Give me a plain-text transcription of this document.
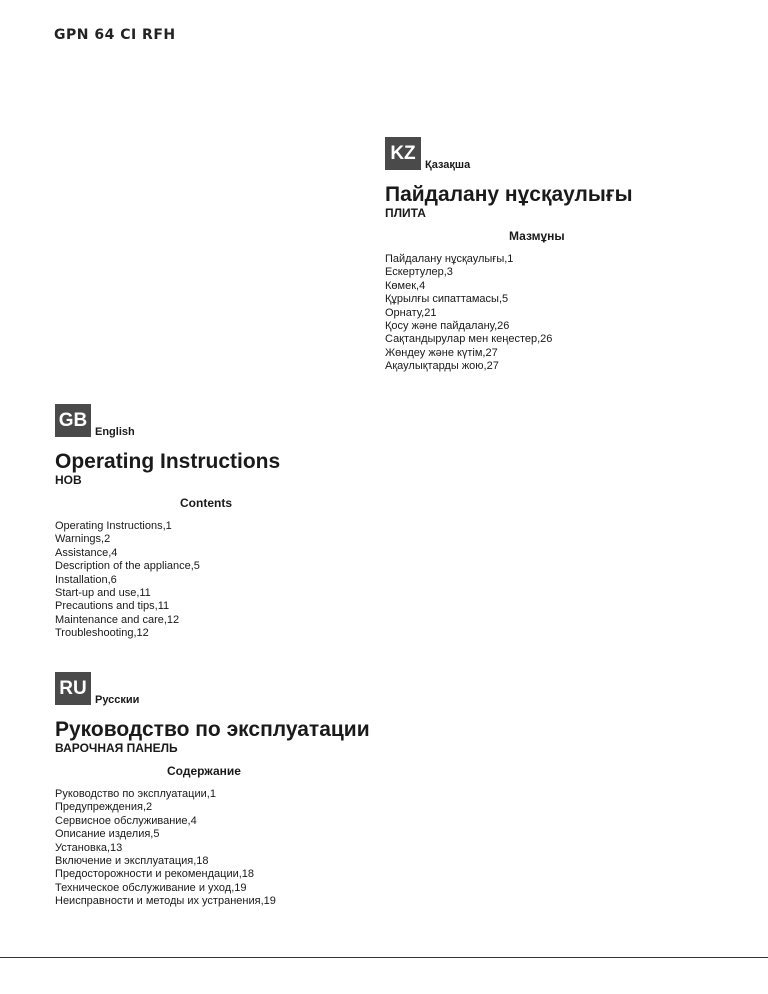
GPN 64 CI RFH
KZ
Қазақша
Пайдалану нұсқаулығы
ПЛИТА
Мазмұны
Пайдалану нұсқаулығы,1
Ескертулер,3
Көмек,4
Құрылғы сипаттамасы,5
Орнату,21
Қосу және пайдалану,26
Сақтандырулар мен кеңестер,26
Жөндеу және күтім,27
Ақаулықтарды жою,27
GB
English
Operating Instructions
HOB
Contents
Operating Instructions,1
Warnings,2
Assistance,4
Description of the appliance,5
Installation,6
Start-up and use,11
Precautions and tips,11
Maintenance and care,12
Troubleshooting,12
RU
Русскии
Руководство по эксплуатации
ВАРОЧНАЯ ПАНЕЛЬ
Содержание
Руководство по эксплуатации,1
Предупреждения,2
Сервисное обслуживание,4
Описание изделия,5
Установка,13
Включение и эксплуатация,18
Предосторожности и рекомендации,18
Техническое обслуживание и уход,19
Неисправности и методы их устранения,19
